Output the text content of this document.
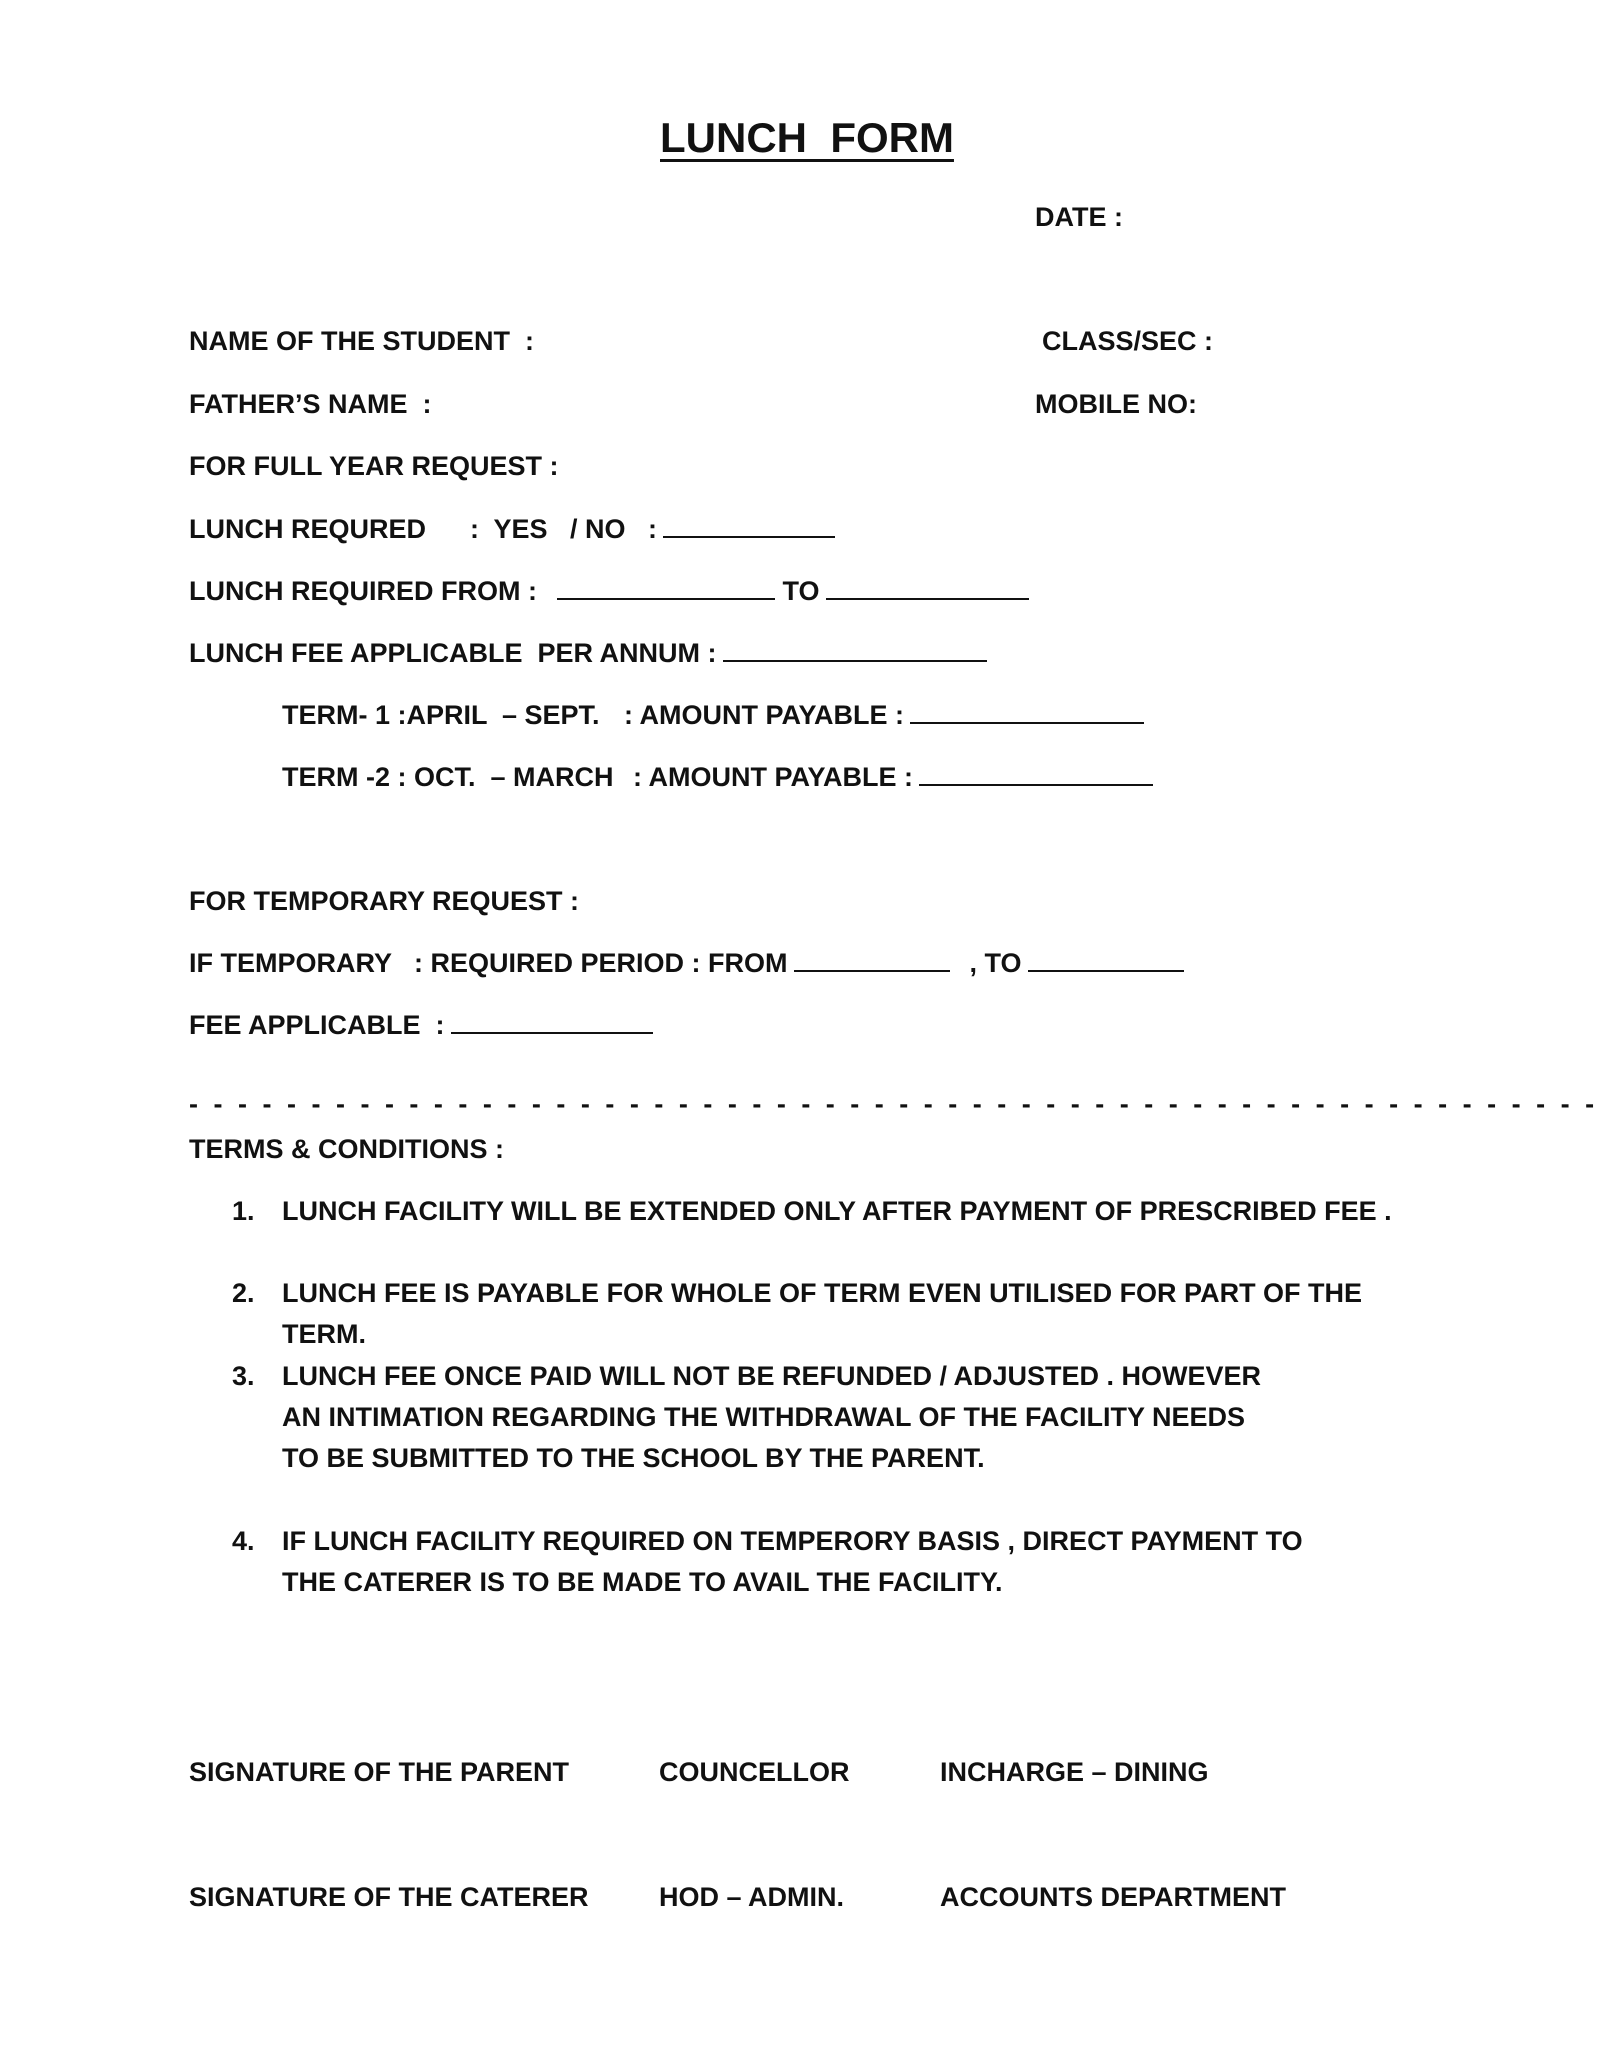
LUNCH  FORM
DATE :
NAME OF THE STUDENT  :	CLASS/SEC :
FATHER’S NAME  :	MOBILE NO:
FOR FULL YEAR REQUEST :
LUNCH REQURED :  YES   / NO   :
LUNCH REQUIRED FROM :	TO
LUNCH FEE APPLICABLE  PER ANNUM :
TERM- 1 :APRIL  – SEPT. : AMOUNT PAYABLE :
TERM -2 : OCT.  – MARCH : AMOUNT PAYABLE :
FOR TEMPORARY REQUEST :
IF TEMPORARY   : REQUIRED PERIOD : FROM	, TO
FEE APPLICABLE  :
- - - - - - - - - - - - - - - - - - - - - - - - - - - - - - - - - - - - - - - - - - - - - - - - - - - - - - - - - -
TERMS & CONDITIONS :
1.	LUNCH FACILITY WILL BE EXTENDED ONLY AFTER PAYMENT OF PRESCRIBED FEE .
2.	LUNCH FEE IS PAYABLE FOR WHOLE OF TERM EVEN UTILISED FOR PART OF THE TERM.
3.	LUNCH FEE ONCE PAID WILL NOT BE REFUNDED / ADJUSTED . HOWEVER AN INTIMATION REGARDING THE WITHDRAWAL OF THE FACILITY NEEDS TO BE SUBMITTED TO THE SCHOOL BY THE PARENT.
4.	IF LUNCH FACILITY REQUIRED ON TEMPERORY BASIS , DIRECT PAYMENT TO THE CATERER IS TO BE MADE TO AVAIL THE FACILITY.
SIGNATURE OF THE PARENT	COUNCELLOR	INCHARGE – DINING
SIGNATURE OF THE CATERER	HOD – ADMIN.	ACCOUNTS DEPARTMENT
